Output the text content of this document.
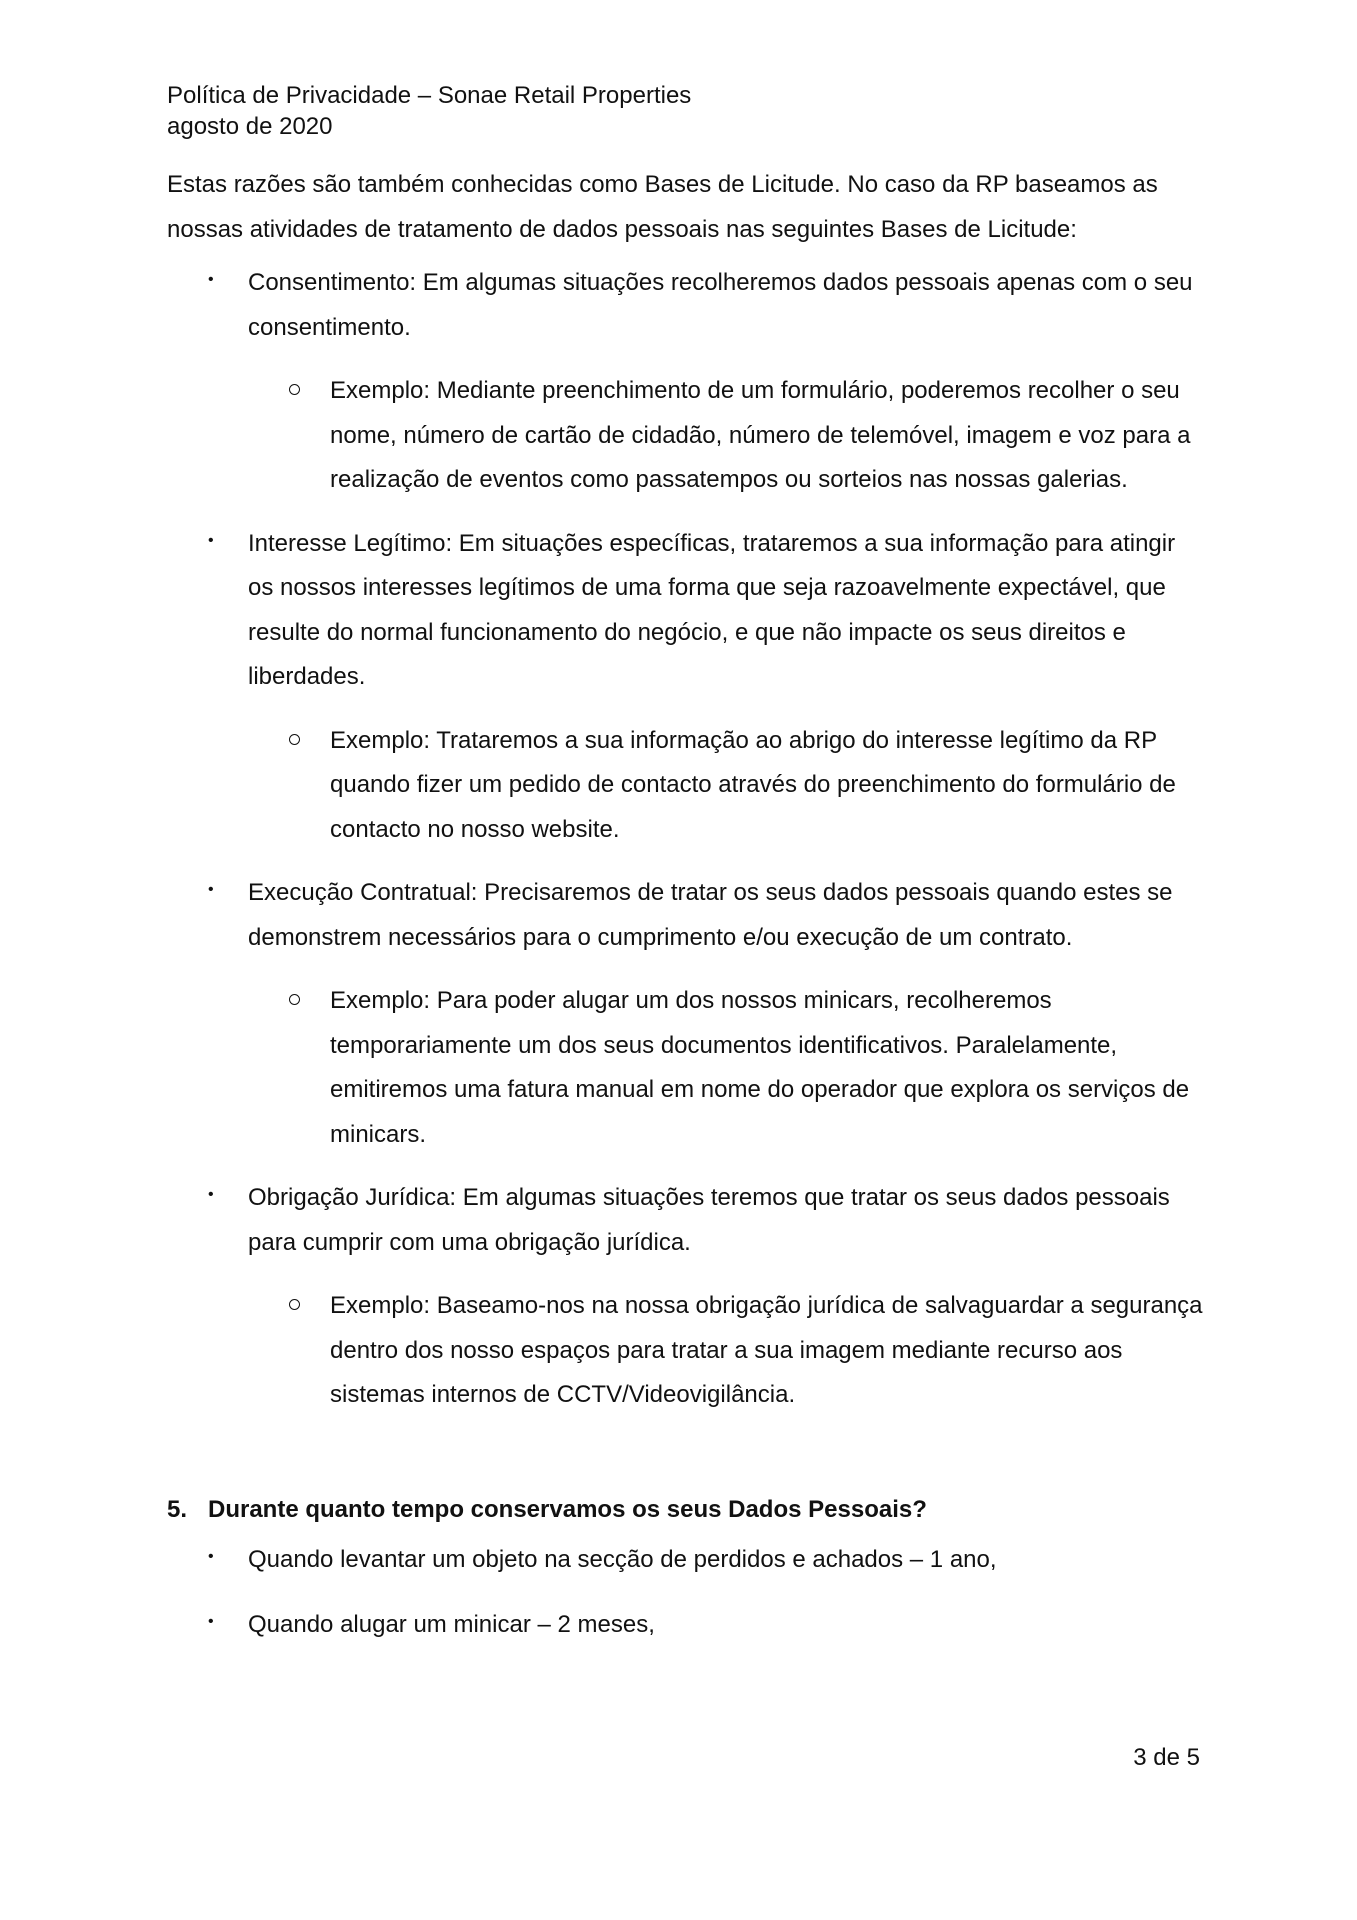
Política de Privacidade – Sonae Retail Properties
agosto de 2020

Estas razões são também conhecidas como Bases de Licitude. No caso da RP baseamos as nossas atividades de tratamento de dados pessoais nas seguintes Bases de Licitude:

• Consentimento: Em algumas situações recolheremos dados pessoais apenas com o seu consentimento.
Exemplo: Mediante preenchimento de um formulário, poderemos recolher o seu nome, número de cartão de cidadão, número de telemóvel, imagem e voz para a realização de eventos como passatempos ou sorteios nas nossas galerias.
• Interesse Legítimo: Em situações específicas, trataremos a sua informação para atingir os nossos interesses legítimos de uma forma que seja razoavelmente expectável, que resulte do normal funcionamento do negócio, e que não impacte os seus direitos e liberdades.
Exemplo: Trataremos a sua informação ao abrigo do interesse legítimo da RP quando fizer um pedido de contacto através do preenchimento do formulário de contacto no nosso website.
• Execução Contratual: Precisaremos de tratar os seus dados pessoais quando estes se demonstrem necessários para o cumprimento e/ou execução de um contrato.
Exemplo: Para poder alugar um dos nossos minicars, recolheremos temporariamente um dos seus documentos identificativos. Paralelamente, emitiremos uma fatura manual em nome do operador que explora os serviços de minicars.
• Obrigação Jurídica: Em algumas situações teremos que tratar os seus dados pessoais para cumprir com uma obrigação jurídica.
Exemplo: Baseamo-nos na nossa obrigação jurídica de salvaguardar a segurança dentro dos nosso espaços para tratar a sua imagem mediante recurso aos sistemas internos de CCTV/Videovigilância.
5. Durante quanto tempo conservamos os seus Dados Pessoais?
• Quando levantar um objeto na secção de perdidos e achados – 1 ano,
• Quando alugar um minicar – 2 meses,
3 de 5
